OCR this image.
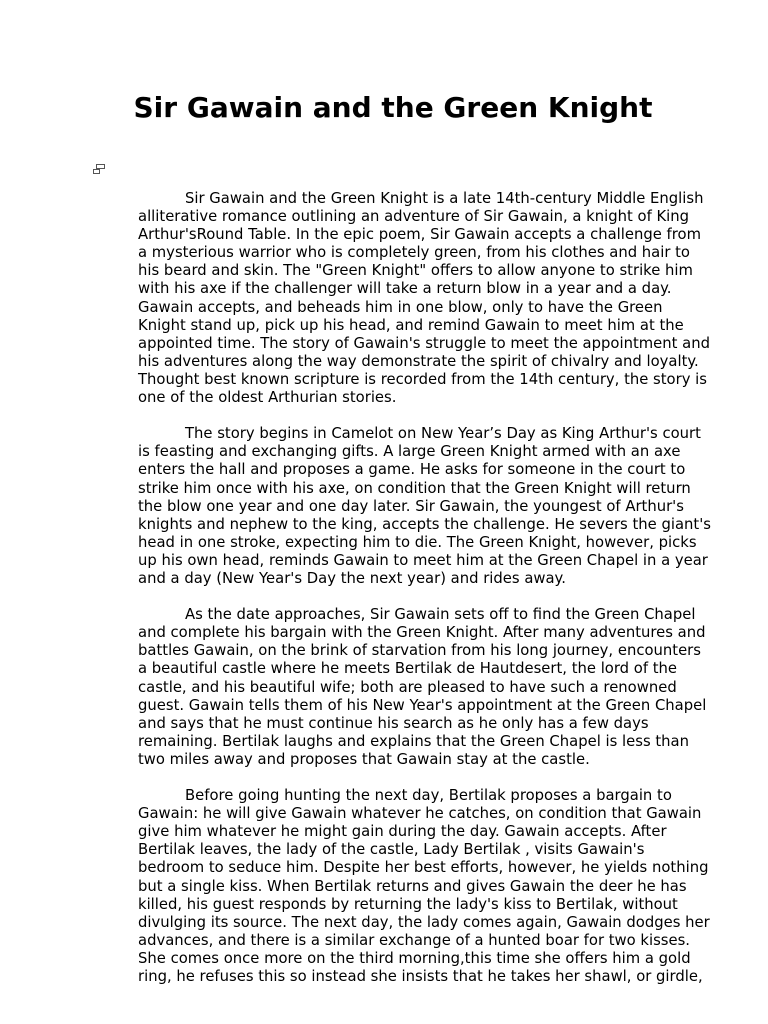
Sir Gawain and the Green Knight
Sir Gawain and the Green Knight is a late 14th-century Middle English
alliterative romance outlining an adventure of Sir Gawain, a knight of King
Arthur'sRound Table. In the epic poem, Sir Gawain accepts a challenge from
a mysterious warrior who is completely green, from his clothes and hair to
his beard and skin. The "Green Knight" offers to allow anyone to strike him
with his axe if the challenger will take a return blow in a year and a day.
Gawain accepts, and beheads him in one blow, only to have the Green
Knight stand up, pick up his head, and remind Gawain to meet him at the
appointed time. The story of Gawain's struggle to meet the appointment and
his adventures along the way demonstrate the spirit of chivalry and loyalty.
Thought best known scripture is recorded from the 14th century, the story is
one of the oldest Arthurian stories.
The story begins in Camelot on New Year’s Day as King Arthur's court
is feasting and exchanging gifts. A large Green Knight armed with an axe
enters the hall and proposes a game. He asks for someone in the court to
strike him once with his axe, on condition that the Green Knight will return
the blow one year and one day later. Sir Gawain, the youngest of Arthur's
knights and nephew to the king, accepts the challenge. He severs the giant's
head in one stroke, expecting him to die. The Green Knight, however, picks
up his own head, reminds Gawain to meet him at the Green Chapel in a year
and a day (New Year's Day the next year) and rides away.
As the date approaches, Sir Gawain sets off to find the Green Chapel
and complete his bargain with the Green Knight. After many adventures and
battles Gawain, on the brink of starvation from his long journey, encounters
a beautiful castle where he meets Bertilak de Hautdesert, the lord of the
castle, and his beautiful wife; both are pleased to have such a renowned
guest. Gawain tells them of his New Year's appointment at the Green Chapel
and says that he must continue his search as he only has a few days
remaining. Bertilak laughs and explains that the Green Chapel is less than
two miles away and proposes that Gawain stay at the castle.
Before going hunting the next day, Bertilak proposes a bargain to
Gawain: he will give Gawain whatever he catches, on condition that Gawain
give him whatever he might gain during the day. Gawain accepts. After
Bertilak leaves, the lady of the castle, Lady Bertilak , visits Gawain's
bedroom to seduce him. Despite her best efforts, however, he yields nothing
but a single kiss. When Bertilak returns and gives Gawain the deer he has
killed, his guest responds by returning the lady's kiss to Bertilak, without
divulging its source. The next day, the lady comes again, Gawain dodges her
advances, and there is a similar exchange of a hunted boar for two kisses.
She comes once more on the third morning,this time she offers him a gold
ring, he refuses this so instead she insists that he takes her shawl, or girdle,
